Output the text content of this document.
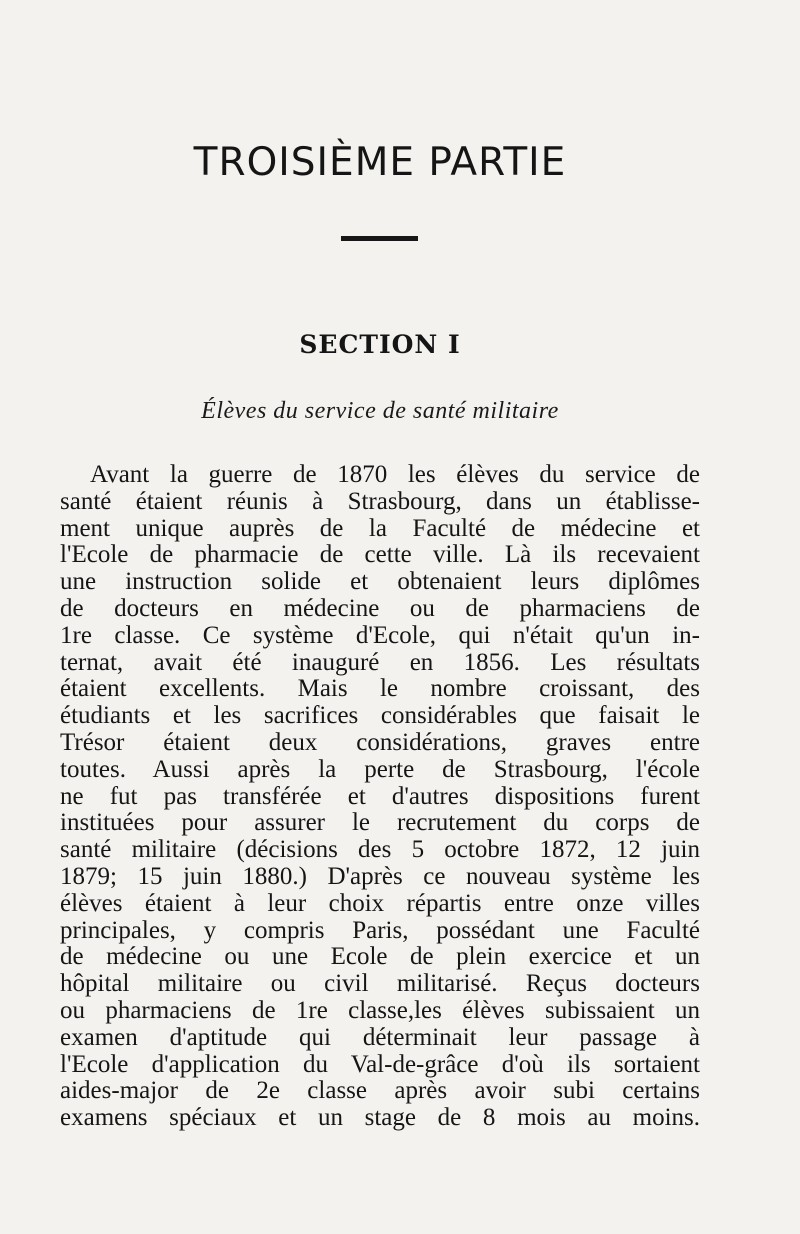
TROISIÈME PARTIE
SECTION I
Élèves du service de santé militaire
Avant la guerre de 1870 les élèves du service de
santé étaient réunis à Strasbourg, dans un établisse-
ment unique auprès de la Faculté de médecine et
l'Ecole de pharmacie de cette ville. Là ils recevaient
une instruction solide et obtenaient leurs diplômes
de docteurs en médecine ou de pharmaciens de
1re classe. Ce système d'Ecole, qui n'était qu'un in-
ternat, avait été inauguré en 1856. Les résultats
étaient excellents. Mais le nombre croissant, des
étudiants et les sacrifices considérables que faisait le
Trésor étaient deux considérations, graves entre
toutes. Aussi après la perte de Strasbourg, l'école
ne fut pas transférée et d'autres dispositions furent
instituées pour assurer le recrutement du corps de
santé militaire (décisions des 5 octobre 1872, 12 juin
1879; 15 juin 1880.) D'après ce nouveau système les
élèves étaient à leur choix répartis entre onze villes
principales, y compris Paris, possédant une Faculté
de médecine ou une Ecole de plein exercice et un
hôpital militaire ou civil militarisé. Reçus docteurs
ou pharmaciens de 1re classe,les élèves subissaient un
examen d'aptitude qui déterminait leur passage à
l'Ecole d'application du Val-de-grâce d'où ils sortaient
aides-major de 2e classe après avoir subi certains
examens spéciaux et un stage de 8 mois au moins.
